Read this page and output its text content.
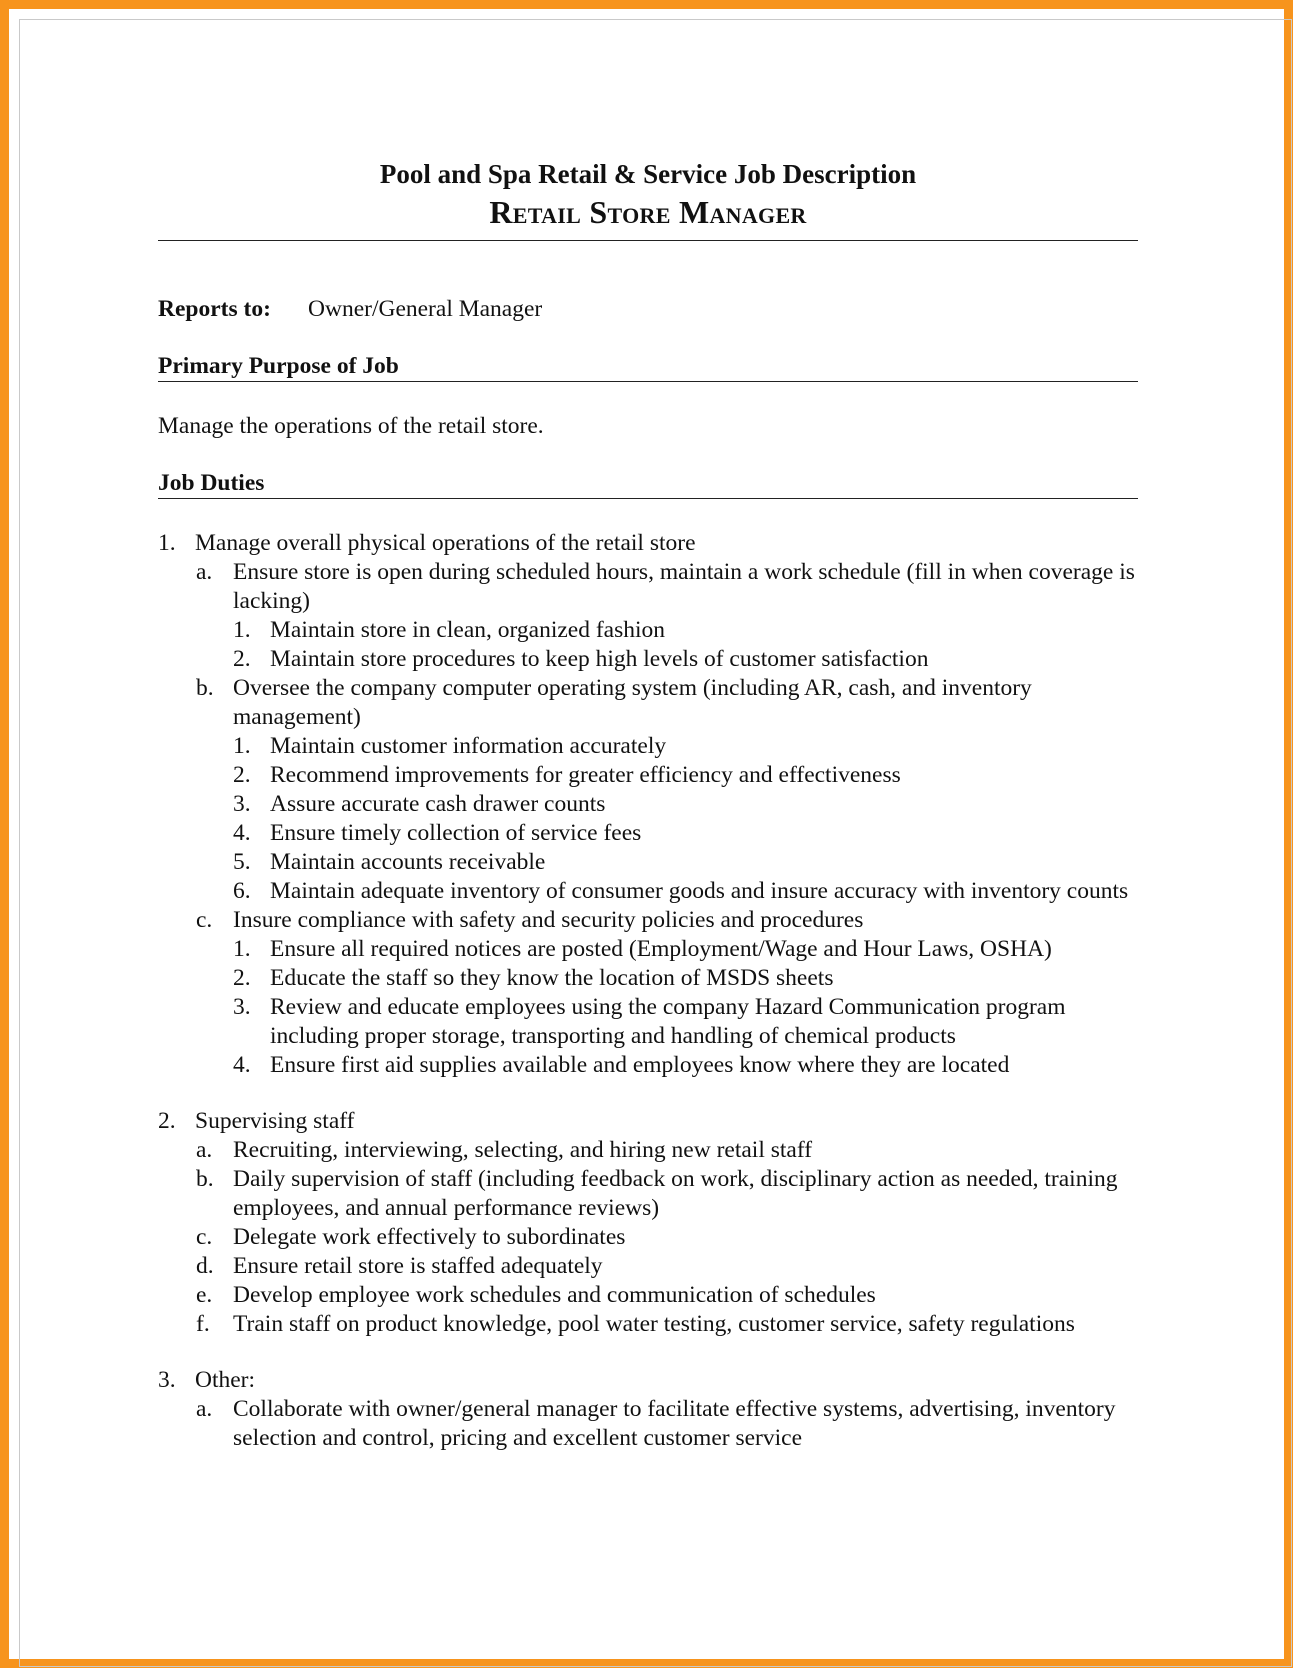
Pool and Spa Retail & Service Job Description
Retail Store Manager
Reports to: Owner/General Manager
Primary Purpose of Job
Manage the operations of the retail store.
Job Duties
1. Manage overall physical operations of the retail store
a. Ensure store is open during scheduled hours, maintain a work schedule (fill in when coverage is lacking)
1. Maintain store in clean, organized fashion
2. Maintain store procedures to keep high levels of customer satisfaction
b. Oversee the company computer operating system (including AR, cash, and inventory management)
1. Maintain customer information accurately
2. Recommend improvements for greater efficiency and effectiveness
3. Assure accurate cash drawer counts
4. Ensure timely collection of service fees
5. Maintain accounts receivable
6. Maintain adequate inventory of consumer goods and insure accuracy with inventory counts
c. Insure compliance with safety and security policies and procedures
1. Ensure all required notices are posted (Employment/Wage and Hour Laws, OSHA)
2. Educate the staff so they know the location of MSDS sheets
3. Review and educate employees using the company Hazard Communication program including proper storage, transporting and handling of chemical products
4. Ensure first aid supplies available and employees know where they are located
2. Supervising staff
a. Recruiting, interviewing, selecting, and hiring new retail staff
b. Daily supervision of staff (including feedback on work, disciplinary action as needed, training employees, and annual performance reviews)
c. Delegate work effectively to subordinates
d. Ensure retail store is staffed adequately
e. Develop employee work schedules and communication of schedules
f. Train staff on product knowledge, pool water testing, customer service, safety regulations
3. Other:
a. Collaborate with owner/general manager to facilitate effective systems, advertising, inventory selection and control, pricing and excellent customer service
